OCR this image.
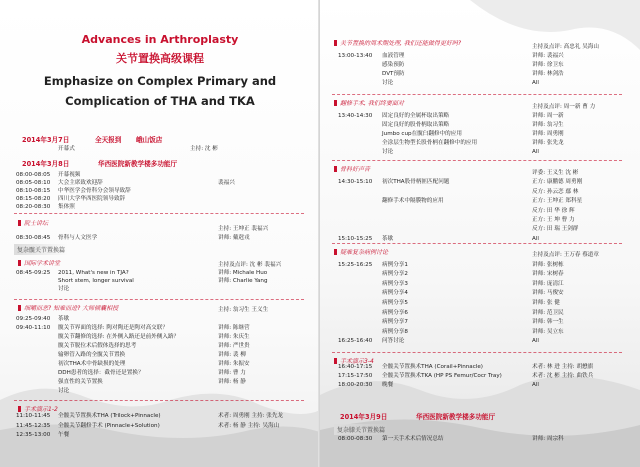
Advances in Arthroplasty
关节置换高级课程
Emphasize on Complex Primary and
Complication of THA and TKA
2014年3月7日	全天报到 峨山饭店
开幕式	主持: 沈 彬
2014年3月8日	华西医院新教学楼多功能厅
08:00-08:05 开幕视频
08:05-08:10 大会主席致欢迎辞	裴福兴
08:10-08:15 中华医学会骨科分会领导致辞
08:15-08:20 四川大学华西医院领导致辞
08:20-08:30 集体照
院士讲坛
主持: 王坤正 裴福兴
08:30-08:45 骨科与人文医学	讲师: 戴尅戎
复杂髋关节置换篇
国际学术讲堂	主持及点评: 沈 彬 裴福兴
08:45-09:25 2011, What's new in TJA?	讲师: Michale Huo
Short stem, longer survival	讲师: Charlie Yang
讨论
细嚼而恶? 知难而进? 大师倾囊相授	主持: 翁习生 王义生
09:25-09:40 茶歇
09:40-11:10 髋关节界面的选择: 陶对陶还是陶对高交联？	讲师: 陈继营
髋关节翻修的选择: 在外侧入路还是前外侧入路？	讲师: 朱庆生
髋关节脱位术后假体选择的思考	讲师: 严世贵
输卵管入路的全髋关节置换	讲师: 裴 柳
初次THA术中骨缺损的处理	讲师: 朱振安
DDH患者的选择：截骨还是置换？	讲师: 曹 力
强直性的关节置换	讲师: 杨 静
讨论
手术演示1-2
11:10-11:45 全髋关节置换术THA (Trilock+Pinnacle)	术者: 周勇刚 主持: 张先龙
11:45-12:35 全髋关节翻修手术 (Pinnacle+Solution)	术者: 杨 静 主持: 吴海山
12:35-13:00 午餐
关节置换的周术期处理, 我们还能做得更好吗?	主持及点评: 高忠礼 吴海山
13:00-13:40 血液管理	讲师: 裴福兴
感染预防	讲师: 徐卫东
DVT预防	讲师: 林剑浩
讨论	All
翻修手术, 我们终要面对	主持及点评: 周一新 曹 力
13:40-14:30 固定良好的全属杯取出策略	讲师: 周一新
固定良好的股骨柄取出策略	讲师: 翁习生
Jumbo cup在髋臼翻修中的应用	讲师: 周勇刚
全涂层生物型长股骨柄在翻修中的应用	讲师: 张先龙
讨论	All
骨科好声音	评委: 王义生 沈 彬
14:30-15:10 初次THA股骨柄匪匹配问题	正方: 康鹏德 周勇刚
反方: 孙云恋 鄢 林
翻修手术中隔膜物的应用	正方: 王坤正 郑科星
反方: 田 华 徐 辉
正方: 王 坤 曹 力
反方: 田 瑞 王剑群
15:10-15:25 茶歇	All
疑难复杂病例讨论	主持及点评: 王万春 蔡道章
15:25-16:25 病例分享1	讲师: 张树栋
病例分享2	讲师: 宋树春
病例分享3	讲师: 庞清江
病例分享4	讲师: 马俊安
病例分享5	讲师: 张 健
病例分享6	讲师: 范卫民
病例分享7	讲师: 韩一生
病例分享8	讲师: 吴立东
16:25-16:40 问答讨论	All
手术演示3-4
16:40-17:15 全髋关节置换术THA (Corail+Pinnacle)	术者: 林 进 主持: 胡懋旗
17:15-17:50 全髋关节置换术TKA (HP PS Femur/Cocr Tray)	术者: 沈 彬 主持: 曲铁兵
18:00-20:30 晚餐	All
2014年3月9日	华西医院新教学楼多功能厅
复杂膝关节置换篇
08:00-08:30 第一天手术术后情况总结	讲师: 周宗科
